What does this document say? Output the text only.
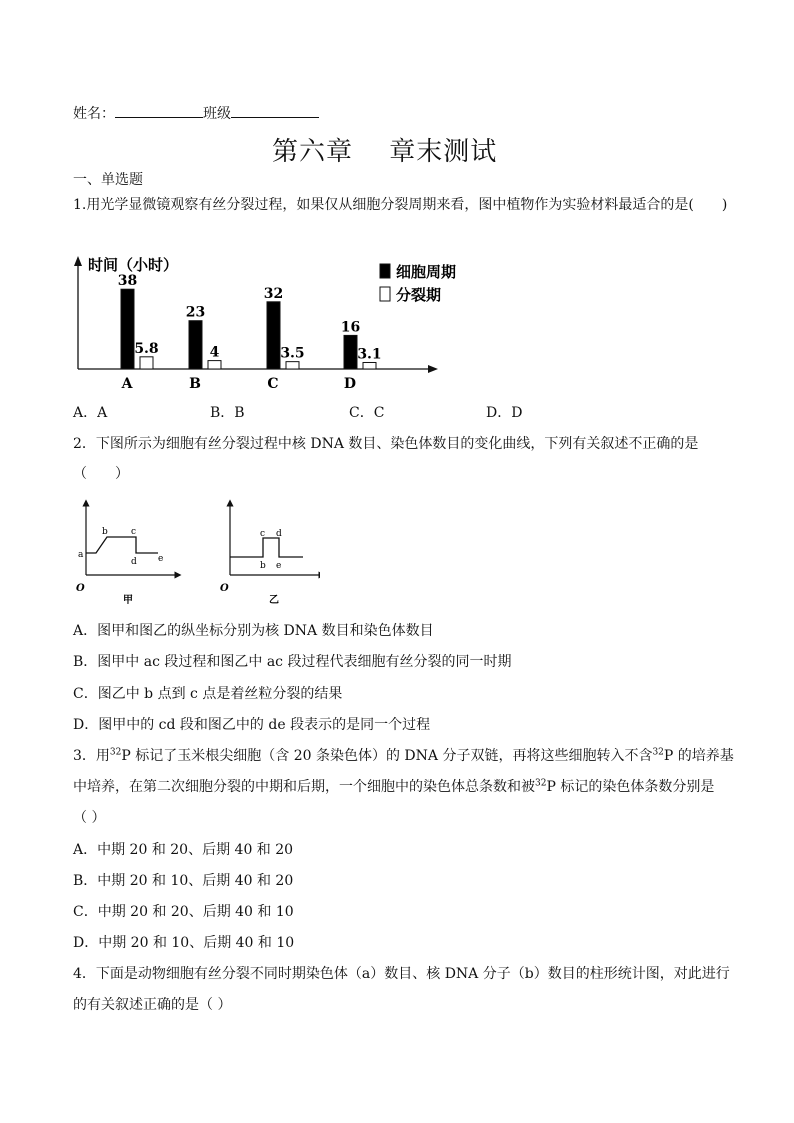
姓名：	班级
第六章  章末测试
一、单选题
1.用光学显微镜观察有丝分裂过程，如果仅从细胞分裂周期来看，图中植物作为实验材料最适合的是(　　)
时间（小时）
38
5.8
A
23
4
B
32
3.5
C
16
3.1
D
细胞周期
分裂期
A．A	B．B	C．C	D．D
2．下图所示为细胞有丝分裂过程中核 DNA 数目、染色体数目的变化曲线，下列有关叙述不正确的是
（　　）
O
a
b	c
d e
甲
O
b
c d
e
乙
A．图甲和图乙的纵坐标分别为核 DNA 数目和染色体数目
B．图甲中 ac 段过程和图乙中 ac 段过程代表细胞有丝分裂的同一时期
C．图乙中 b 点到 c 点是着丝粒分裂的结果
D．图甲中的 cd 段和图乙中的 de 段表示的是同一个过程
3．用$^{32}$P 标记了玉米根尖细胞（含 20 条染色体）的 DNA 分子双链，再将这些细胞转入不含$^{32}$P 的培养基
中培养，在第二次细胞分裂的中期和后期，一个细胞中的染色体总条数和被$^{32}$P 标记的染色体条数分别是
（ ）
A．中期 20 和 20、后期 40 和 20
B．中期 20 和 10、后期 40 和 20
C．中期 20 和 20、后期 40 和 10
D．中期 20 和 10、后期 40 和 10
4．下面是动物细胞有丝分裂不同时期染色体（a）数目、核 DNA 分子（b）数目的柱形统计图，对此进行
的有关叙述正确的是（ ）
